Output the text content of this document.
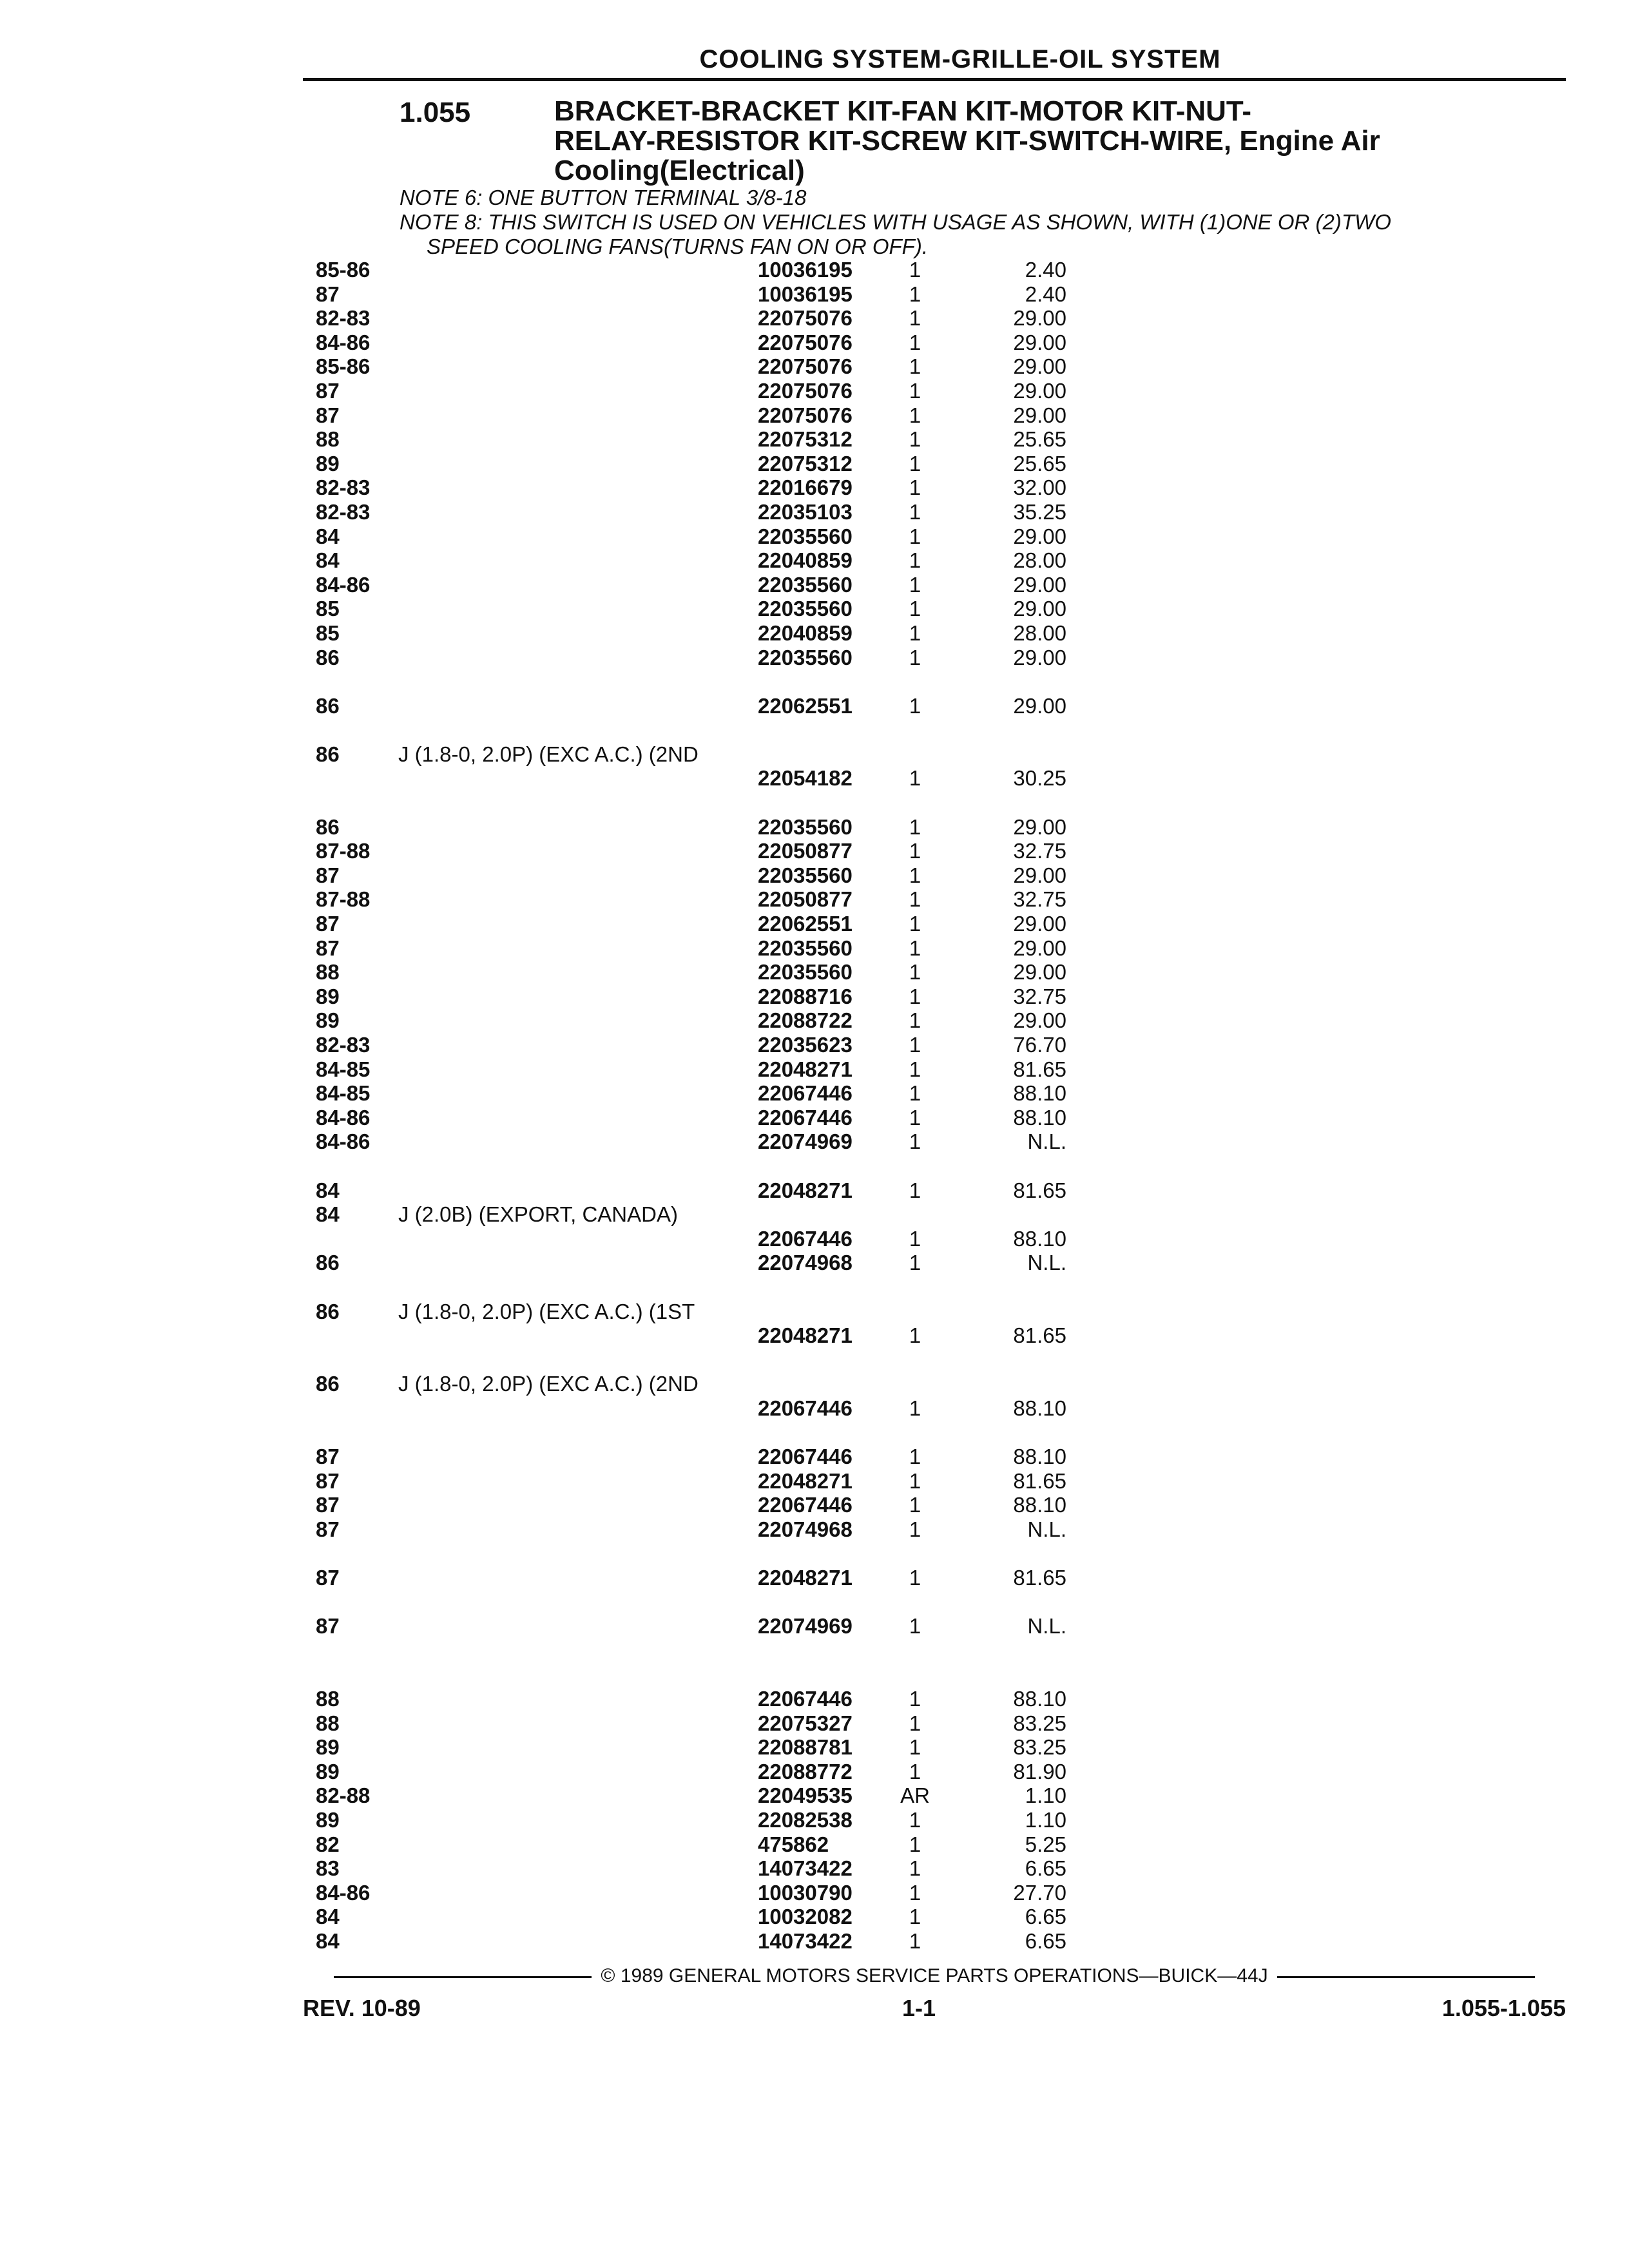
COOLING SYSTEM-GRILLE-OIL SYSTEM

1.055	BRACKET-BRACKET KIT-FAN KIT-MOTOR KIT-NUT-
RELAY-RESISTOR KIT-SCREW KIT-SWITCH-WIRE, Engine Air
Cooling(Electrical)

NOTE 6: ONE BUTTON TERMINAL 3/8-18

NOTE 8: THIS SWITCH IS USED ON VEHICLES WITH USAGE AS SHOWN, WITH (1)ONE OR (2)TWO

SPEED COOLING FANS(TURNS FAN ON OR OFF).

85-86	10036195	1	2.40
87	10036195	1	2.40
82-83	22075076	1	29.00
84-86	22075076	1	29.00
85-86	22075076	1	29.00
87	22075076	1	29.00
87	22075076	1	29.00
88	22075312	1	25.65
89	22075312	1	25.65
82-83	22016679	1	32.00
82-83	22035103	1	35.25
84	22035560	1	29.00
84	22040859	1	28.00
84-86	22035560	1	29.00
85	22035560	1	29.00
85	22040859	1	28.00
86	22035560	1	29.00
86	22062551	1	29.00
86	J (1.8-0, 2.0P) (EXC A.C.) (2ND
22054182	1	30.25
86	22035560	1	29.00
87-88	22050877	1	32.75
87	22035560	1	29.00
87-88	22050877	1	32.75
87	22062551	1	29.00
87	22035560	1	29.00
88	22035560	1	29.00
89	22088716	1	32.75
89	22088722	1	29.00
82-83	22035623	1	76.70
84-85	22048271	1	81.65
84-85	22067446	1	88.10
84-86	22067446	1	88.10
84-86	22074969	1	N.L.
84	22048271	1	81.65
84	J (2.0B) (EXPORT, CANADA)
22067446	1	88.10
86	22074968	1	N.L.
86	J (1.8-0, 2.0P) (EXC A.C.) (1ST
22048271	1	81.65
86	J (1.8-0, 2.0P) (EXC A.C.) (2ND
22067446	1	88.10
87	22067446	1	88.10
87	22048271	1	81.65
87	22067446	1	88.10
87	22074968	1	N.L.
87	22048271	1	81.65
87	22074969	1	N.L.
88	22067446	1	88.10
88	22075327	1	83.25
89	22088781	1	83.25
89	22088772	1	81.90
82-88	22049535 AR	1.10
89	22082538	1	1.10
82	475862	1	5.25
83	14073422	1	6.65
84-86	10030790	1	27.70
84	10032082	1	6.65
84	14073422	1	6.65
© 1989 GENERAL MOTORS SERVICE PARTS OPERATIONS—BUICK—44J
REV. 10-89	1-1	1.055-1.055
